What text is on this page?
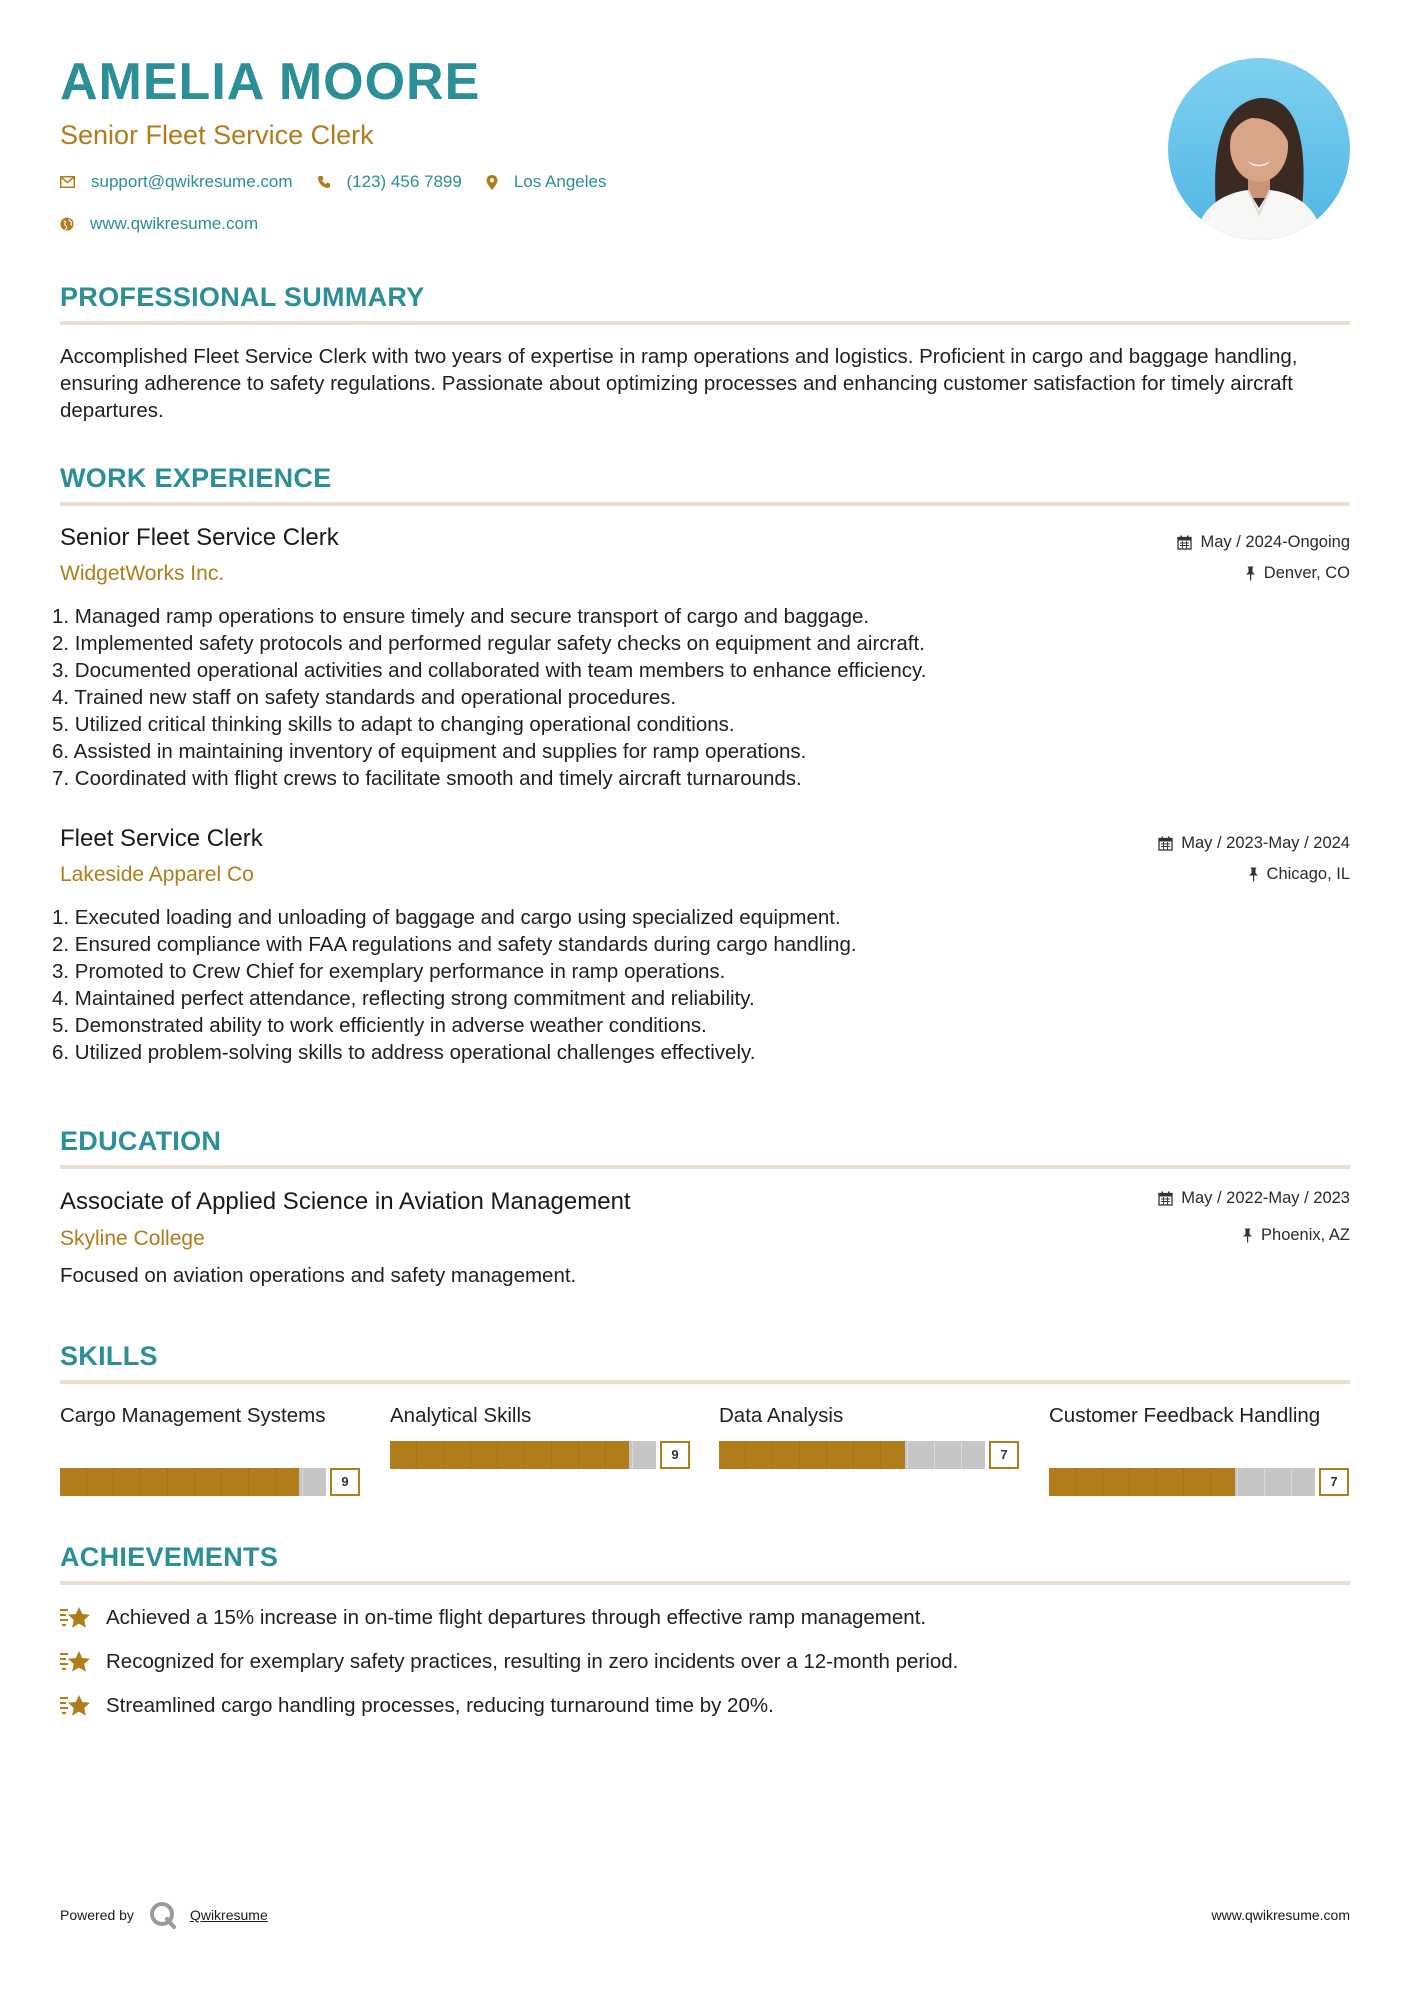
AMELIA MOORE
Senior Fleet Service Clerk
support@qwikresume.com	(123) 456 7899	Los Angeles
www.qwikresume.com
PROFESSIONAL SUMMARY

Accomplished Fleet Service Clerk with two years of expertise in ramp operations and logistics. Proficient in cargo and baggage handling, ensuring adherence to safety regulations. Passionate about optimizing processes and enhancing customer satisfaction for timely aircraft departures.

WORK EXPERIENCE
Senior Fleet Service Clerk
WidgetWorks Inc.
May / 2024-Ongoing
Denver, CO
1. Managed ramp operations to ensure timely and secure transport of cargo and baggage.
2. Implemented safety protocols and performed regular safety checks on equipment and aircraft.
3. Documented operational activities and collaborated with team members to enhance efficiency.
4. Trained new staff on safety standards and operational procedures.
5. Utilized critical thinking skills to adapt to changing operational conditions.
6. Assisted in maintaining inventory of equipment and supplies for ramp operations.
7. Coordinated with flight crews to facilitate smooth and timely aircraft turnarounds.
Fleet Service Clerk
Lakeside Apparel Co
May / 2023-May / 2024
Chicago, IL
1. Executed loading and unloading of baggage and cargo using specialized equipment.
2. Ensured compliance with FAA regulations and safety standards during cargo handling.
3. Promoted to Crew Chief for exemplary performance in ramp operations.
4. Maintained perfect attendance, reflecting strong commitment and reliability.
5. Demonstrated ability to work efficiently in adverse weather conditions.
6. Utilized problem-solving skills to address operational challenges effectively.
EDUCATION
Associate of Applied Science in Aviation Management
Skyline College
May / 2022-May / 2023
Phoenix, AZ

Focused on aviation operations and safety management.

SKILLS
Cargo Management Systems
9
Analytical Skills
9
Data Analysis
7
Customer Feedback Handling
7
ACHIEVEMENTS
Achieved a 15% increase in on-time flight departures through effective ramp management.
Recognized for exemplary safety practices, resulting in zero incidents over a 12-month period.
Streamlined cargo handling processes, reducing turnaround time by 20%.
Powered by	Qwikresume	www.qwikresume.com
